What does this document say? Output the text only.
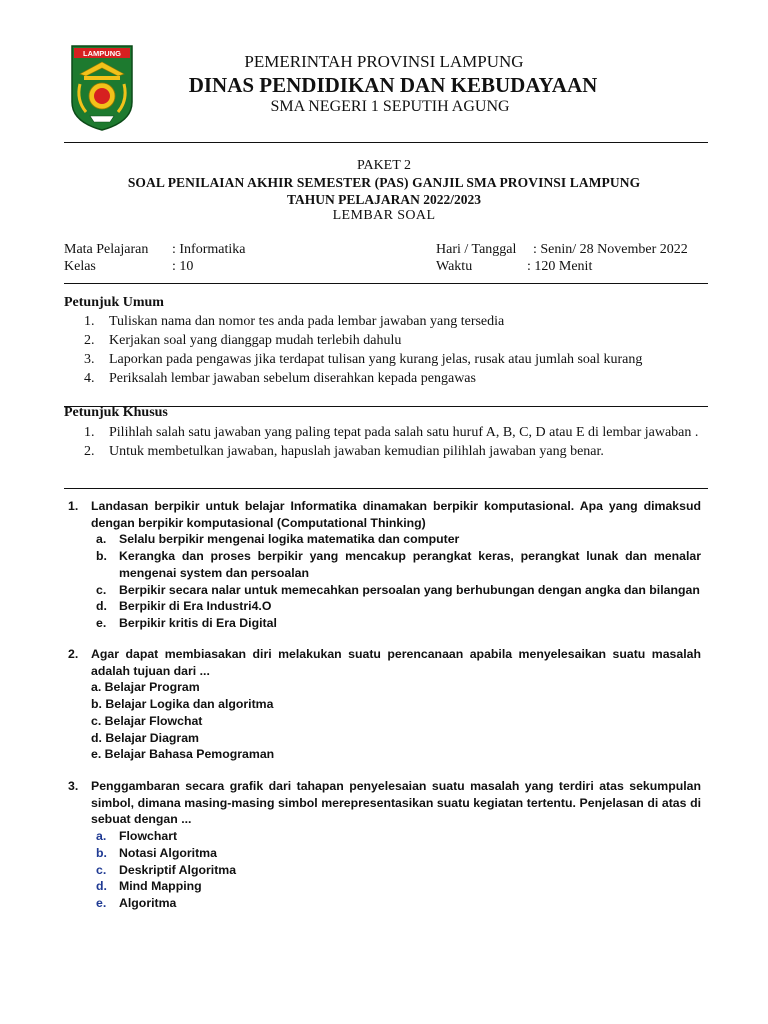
LAMPUNG	PEMERINTAH PROVINSI LAMPUNG
DINAS PENDIDIKAN DAN KEBUDAYAAN
SMA NEGERI 1 SEPUTIH AGUNG
PAKET 2
SOAL PENILAIAN AKHIR SEMESTER (PAS) GANJIL SMA PROVINSI LAMPUNG
TAHUN PELAJARAN 2022/2023
LEMBAR SOAL
Mata Pelajaran : Informatika
Kelas	: 10
Hari / Tanggal : Senin/ 28 November 2022
Waktu	: 120 Menit
Petunjuk Umum
1. Tuliskan nama dan nomor tes anda pada lembar jawaban yang tersedia
2. Kerjakan soal yang dianggap mudah terlebih dahulu
3. Laporkan pada pengawas jika terdapat tulisan yang kurang jelas, rusak atau jumlah soal kurang
4. Periksalah lembar jawaban sebelum diserahkan kepada pengawas
Petunjuk Khusus
1. Pilihlah salah satu jawaban yang paling tepat pada salah satu huruf A, B, C, D atau E di lembar jawaban .
2. Untuk membetulkan jawaban, hapuslah jawaban kemudian pilihlah jawaban yang benar.
1. Landasan berpikir untuk belajar Informatika dinamakan berpikir komputasional. Apa yang dimaksud dengan berpikir komputasional (Computational Thinking)
a. Selalu berpikir mengenai logika matematika dan computer
b. Kerangka dan proses berpikir yang mencakup perangkat keras, perangkat lunak dan menalar mengenai system dan persoalan
c. Berpikir secara nalar untuk memecahkan persoalan yang berhubungan dengan angka dan bilangan
d. Berpikir di Era Industri4.O
e. Berpikir kritis di Era Digital
2. Agar dapat membiasakan diri melakukan suatu perencanaan apabila menyelesaikan suatu masalah adalah tujuan dari ...
a. Belajar Program
b. Belajar Logika dan algoritma
c. Belajar Flowchat
d. Belajar Diagram
e. Belajar Bahasa Pemograman
3. Penggambaran secara grafik dari tahapan penyelesaian suatu masalah yang terdiri atas sekumpulan simbol, dimana masing-masing simbol merepresentasikan suatu kegiatan tertentu. Penjelasan di atas di sebuat dengan ...
a. Flowchart
b. Notasi Algoritma
c. Deskriptif Algoritma
d. Mind Mapping
e. Algoritma
